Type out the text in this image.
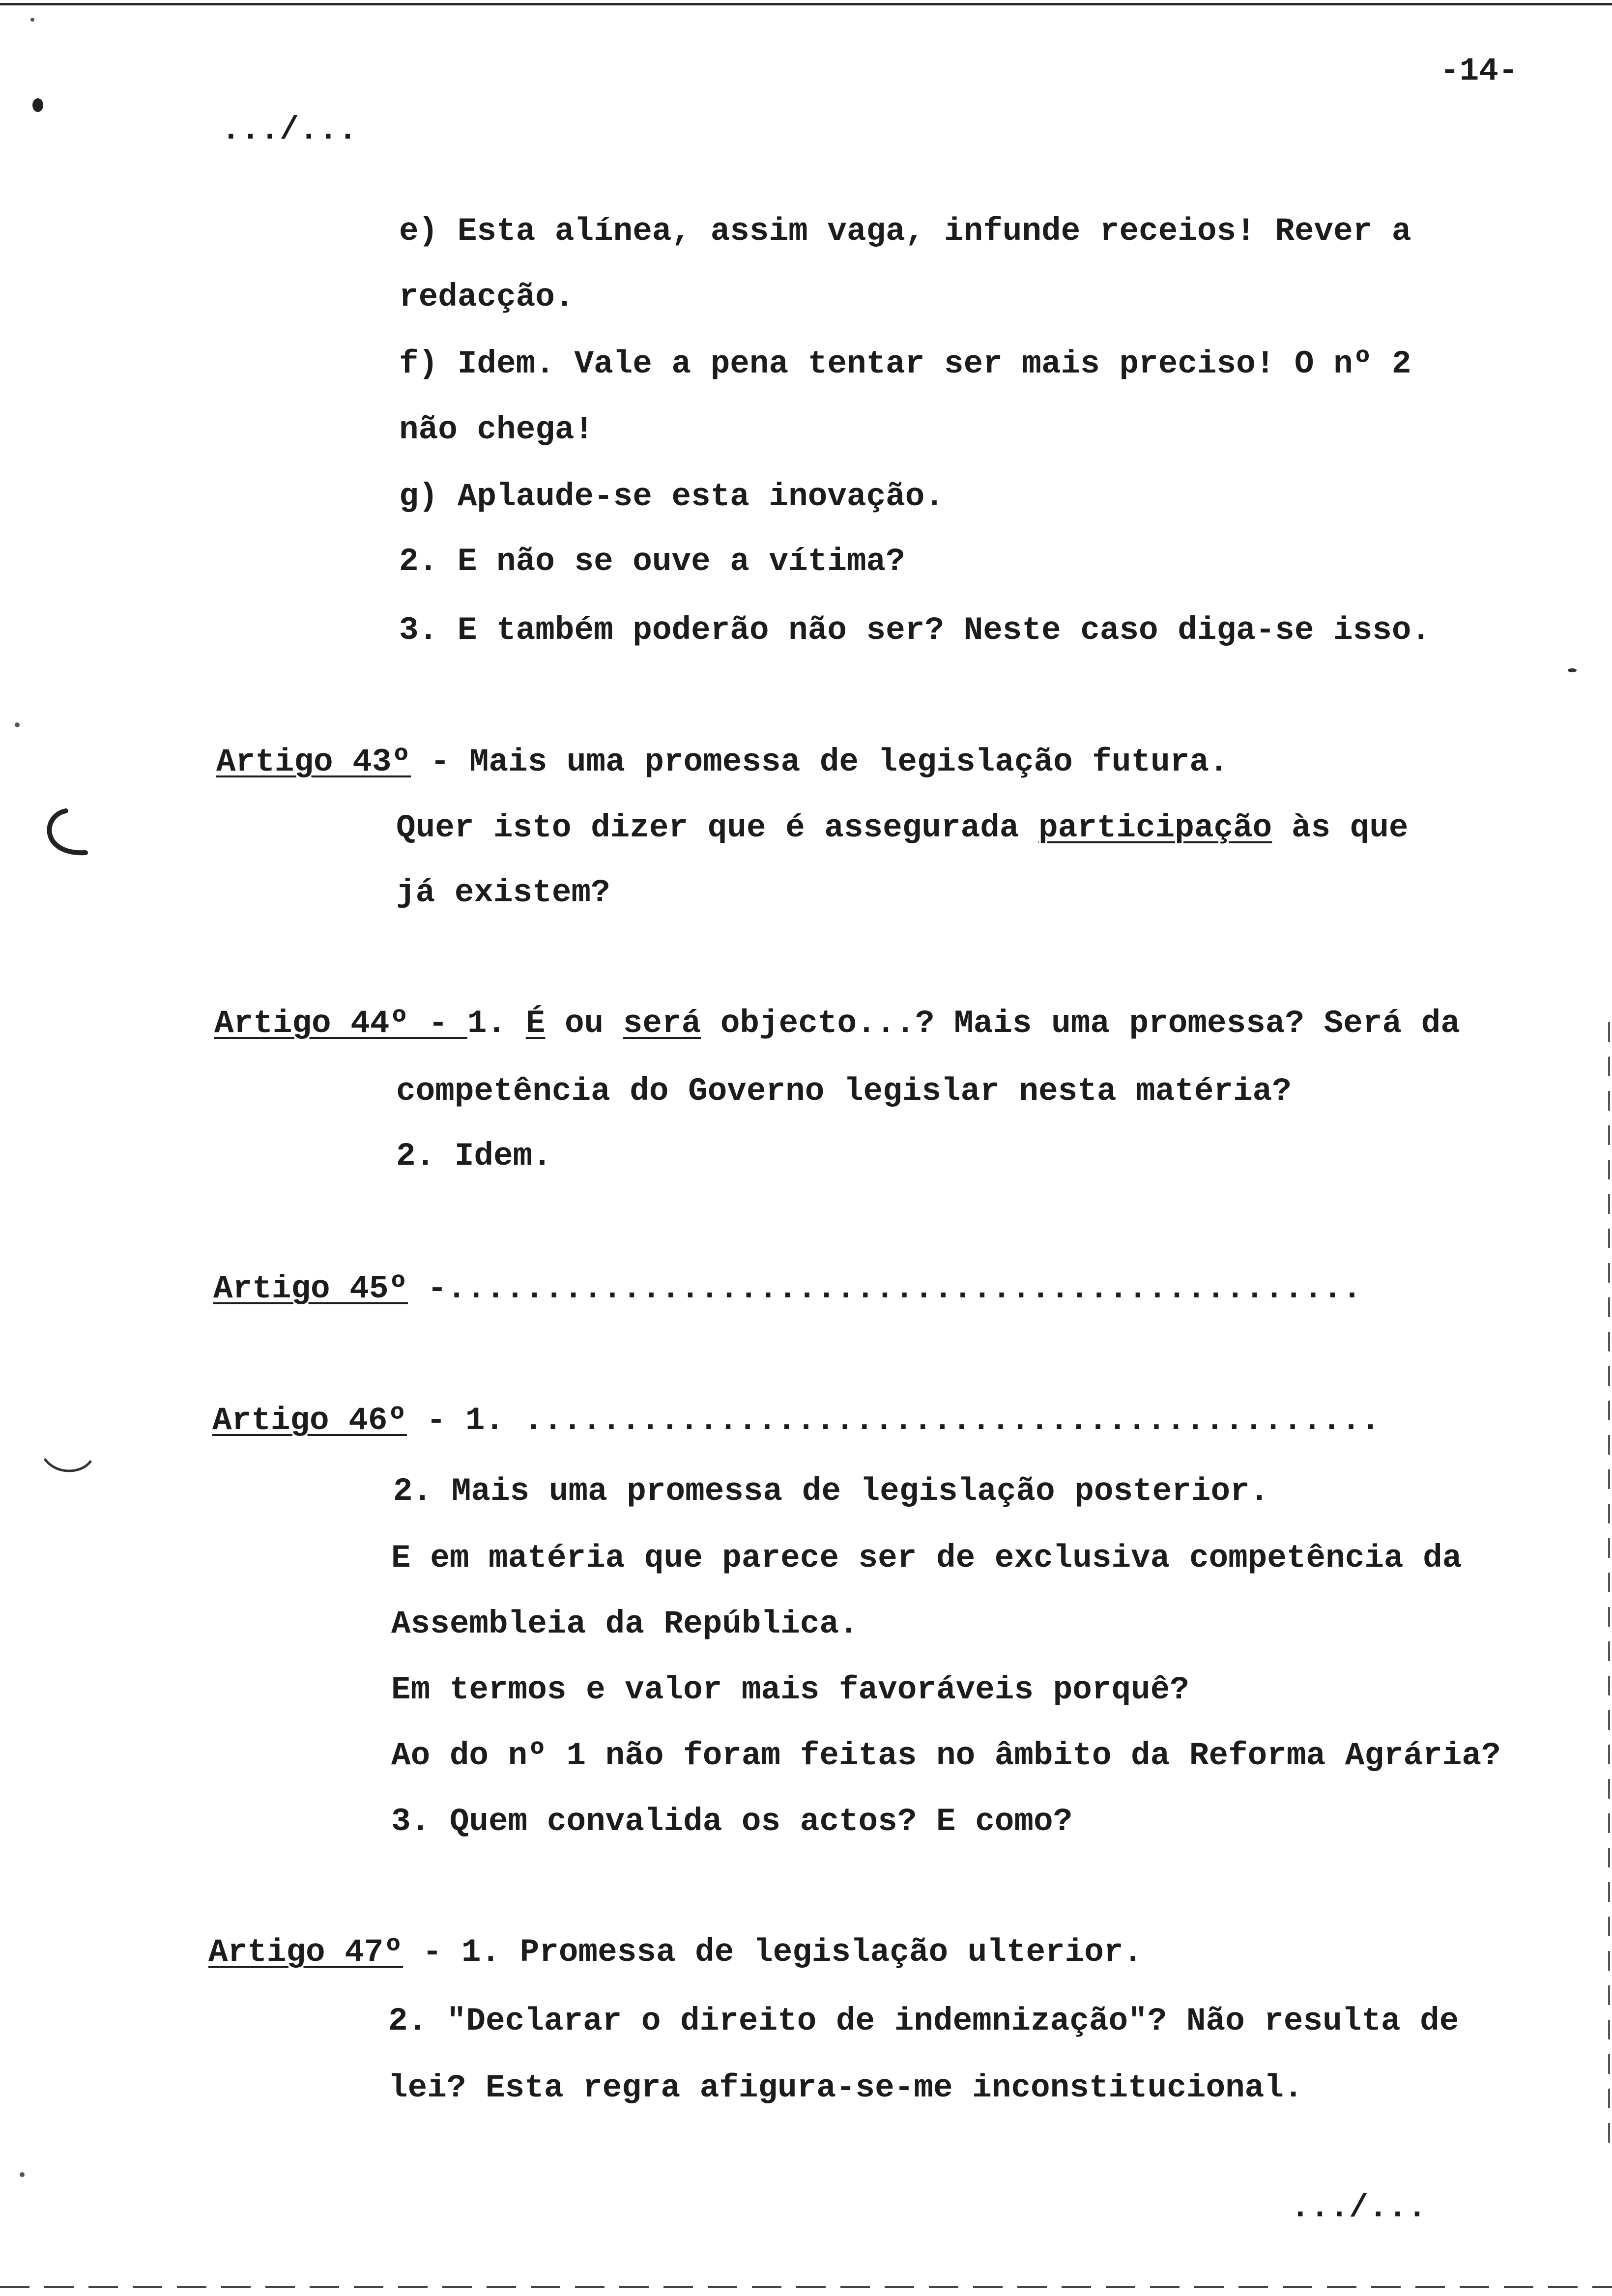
-14-
.../...
e) Esta alínea, assim vaga, infunde receios! Rever a
redacção.
f) Idem. Vale a pena tentar ser mais preciso! O nº 2
não chega!
g) Aplaude-se esta inovação.
2. E não se ouve a vítima?
3. E também poderão não ser? Neste caso diga-se isso.
Artigo 43º - Mais uma promessa de legislação futura.
Quer isto dizer que é assegurada participação às que
já existem?
Artigo 44º - 1. É ou será objecto...? Mais uma promessa? Será da
competência do Governo legislar nesta matéria?
2. Idem.
Artigo 45º -...............................................
Artigo 46º - 1. ............................................
2. Mais uma promessa de legislação posterior.
E em matéria que parece ser de exclusiva competência da
Assembleia da República.
Em termos e valor mais favoráveis porquê?
Ao do nº 1 não foram feitas no âmbito da Reforma Agrária?
3. Quem convalida os actos? E como?
Artigo 47º - 1. Promessa de legislação ulterior.
2. "Declarar o direito de indemnização"? Não resulta de
lei? Esta regra afigura-se-me inconstitucional.
.../...
